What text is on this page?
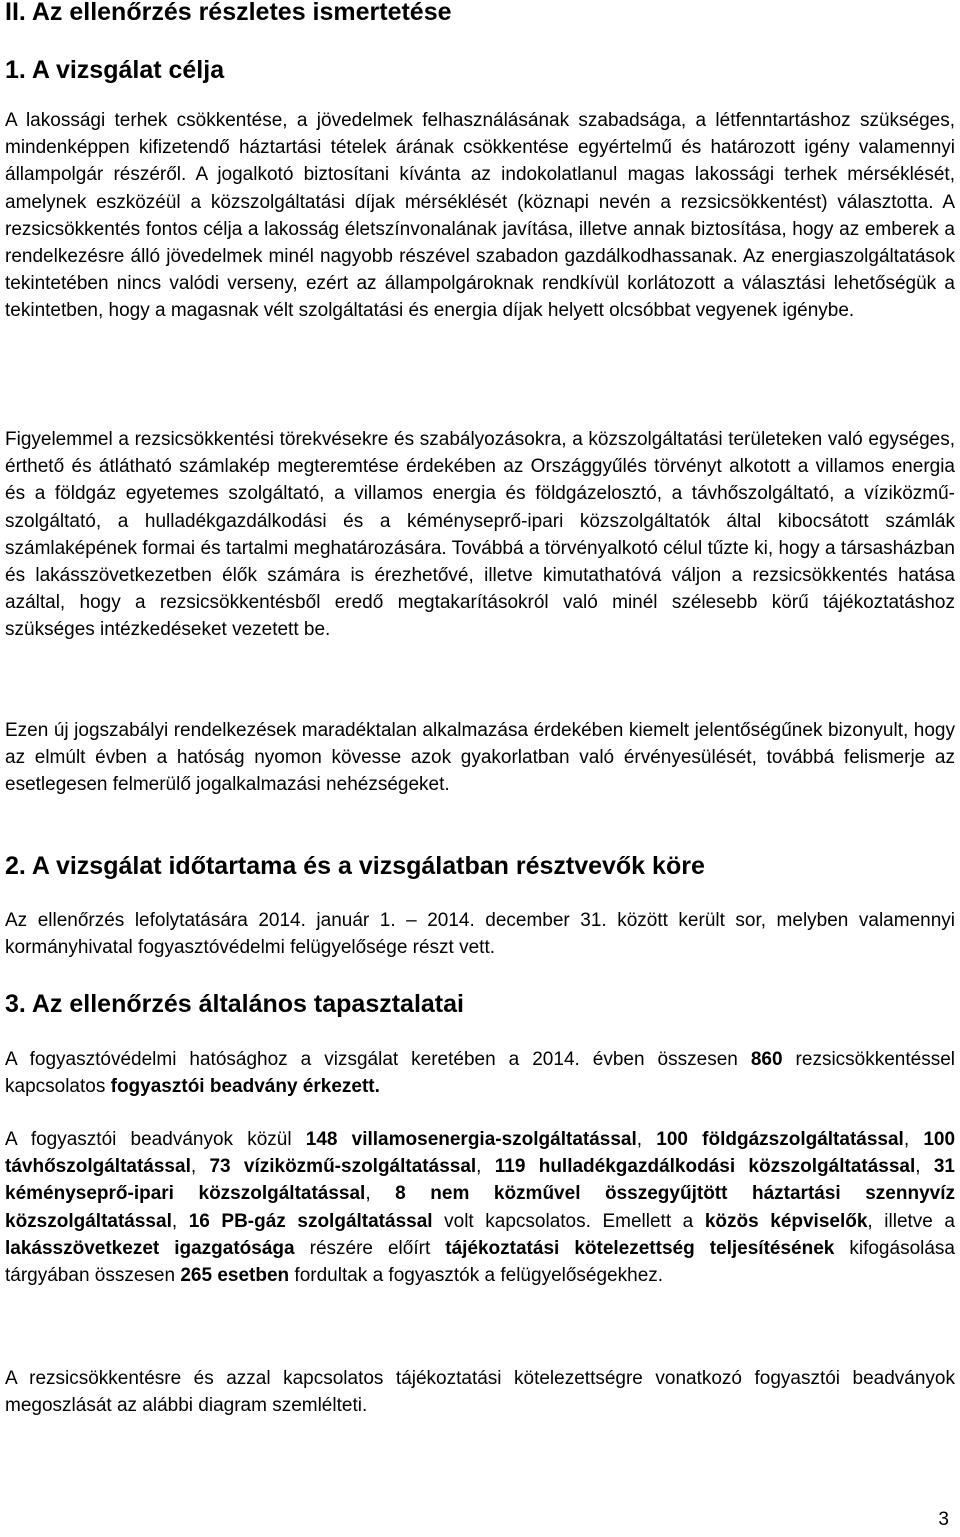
II. Az ellenőrzés részletes ismertetése
1. A vizsgálat célja

A lakossági terhek csökkentése, a jövedelmek felhasználásának szabadsága, a létfenntartáshoz szükséges, mindenképpen kifizetendő háztartási tételek árának csökkentése egyértelmű és határozott igény valamennyi állampolgár részéről. A jogalkotó biztosítani kívánta az indokolatlanul magas lakossági terhek mérséklését, amelynek eszközéül a közszolgáltatási díjak mérséklését (köznapi nevén a rezsicsökkentést) választotta. A rezsicsökkentés fontos célja a lakosság életszínvonalának javítása, illetve annak biztosítása, hogy az emberek a rendelkezésre álló jövedelmek minél nagyobb részével szabadon gazdálkodhassanak. Az energiaszolgáltatások tekintetében nincs valódi verseny, ezért az állampolgároknak rendkívül korlátozott a választási lehetőségük a tekintetben, hogy a magasnak vélt szolgáltatási és energia díjak helyett olcsóbbat vegyenek igénybe.

Figyelemmel a rezsicsökkentési törekvésekre és szabályozásokra, a közszolgáltatási területeken való egységes, érthető és átlátható számlakép megteremtése érdekében az Országgyűlés törvényt alkotott a villamos energia és a földgáz egyetemes szolgáltató, a villamos energia és földgázelosztó, a távhőszolgáltató, a víziközmű-szolgáltató, a hulladékgazdálkodási és a kéményseprő-ipari közszolgáltatók által kibocsátott számlák számlaképének formai és tartalmi meghatározására. Továbbá a törvényalkotó célul tűzte ki, hogy a társasházban és lakásszövetkezetben élők számára is érezhetővé, illetve kimutathatóvá váljon a rezsicsökkentés hatása azáltal, hogy a rezsicsökkentésből eredő megtakarításokról való minél szélesebb körű tájékoztatáshoz szükséges intézkedéseket vezetett be.

Ezen új jogszabályi rendelkezések maradéktalan alkalmazása érdekében kiemelt jelentőségűnek bizonyult, hogy az elmúlt évben a hatóság nyomon kövesse azok gyakorlatban való érvényesülését, továbbá felismerje az esetlegesen felmerülő jogalkalmazási nehézségeket.

2. A vizsgálat időtartama és a vizsgálatban résztvevők köre

Az ellenőrzés lefolytatására 2014. január 1. – 2014. december 31. között került sor, melyben valamennyi kormányhivatal fogyasztóvédelmi felügyelősége részt vett.

3. Az ellenőrzés általános tapasztalatai

A fogyasztóvédelmi hatósághoz a vizsgálat keretében a 2014. évben összesen 860 rezsicsökkentéssel kapcsolatos fogyasztói beadvány érkezett.

A fogyasztói beadványok közül 148 villamosenergia-szolgáltatással, 100 földgázszolgáltatással, 100 távhőszolgáltatással, 73 víziközmű-szolgáltatással, 119 hulladékgazdálkodási közszolgáltatással, 31 kéményseprő-ipari közszolgáltatással, 8 nem közművel összegyűjtött háztartási szennyvíz közszolgáltatással, 16 PB-gáz szolgáltatással volt kapcsolatos. Emellett a közös képviselők, illetve a lakásszövetkezet igazgatósága részére előírt tájékoztatási kötelezettség teljesítésének kifogásolása tárgyában összesen 265 esetben fordultak a fogyasztók a felügyelőségekhez.

A rezsicsökkentésre és azzal kapcsolatos tájékoztatási kötelezettségre vonatkozó fogyasztói beadványok megoszlását az alábbi diagram szemlélteti.

3
